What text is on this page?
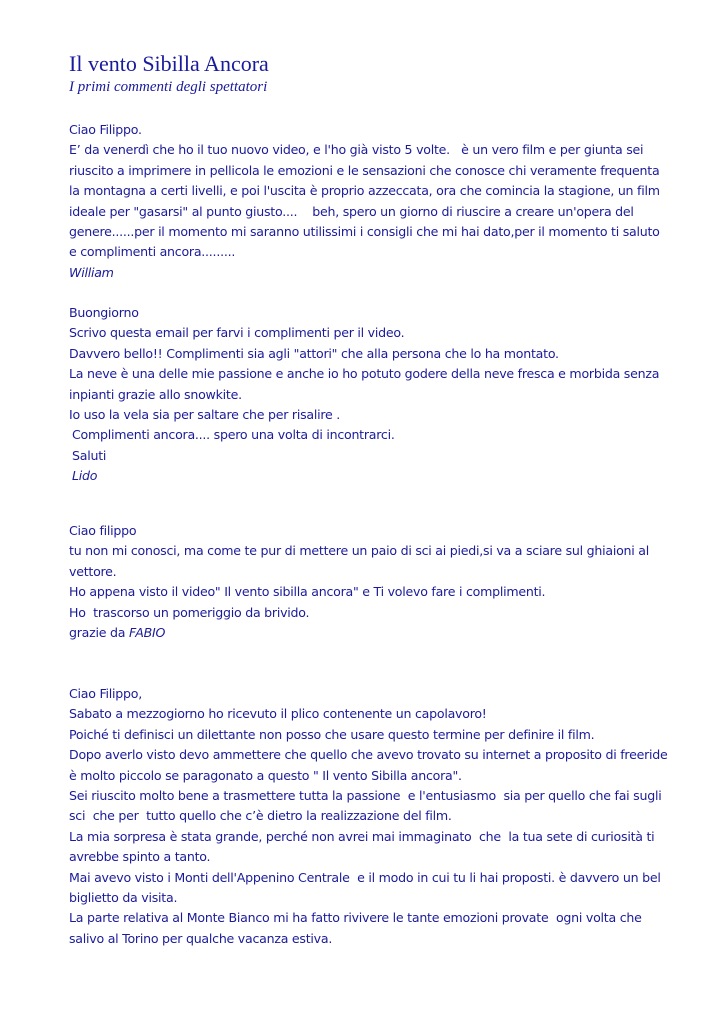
Il vento Sibilla Ancora
I primi commenti degli spettatori

Ciao Filippo.

E’ da venerdì che ho il tuo nuovo video, e l'ho già visto 5 volte.   è un vero film e per giunta sei

riuscito a imprimere in pellicola le emozioni e le sensazioni che conosce chi veramente frequenta

la montagna a certi livelli, e poi l'uscita è proprio azzeccata, ora che comincia la stagione, un film

ideale per "gasarsi" al punto giusto....    beh, spero un giorno di riuscire a creare un'opera del

genere......per il momento mi saranno utilissimi i consigli che mi hai dato,per il momento ti saluto

e complimenti ancora.........

William

Buongiorno

Scrivo questa email per farvi i complimenti per il video.

Davvero bello!! Complimenti sia agli "attori" che alla persona che lo ha montato.

La neve è una delle mie passione e anche io ho potuto godere della neve fresca e morbida senza

inpianti grazie allo snowkite.

Io uso la vela sia per saltare che per risalire .

Complimenti ancora.... spero una volta di incontrarci.

Saluti

Lido

Ciao filippo

tu non mi conosci, ma come te pur di mettere un paio di sci ai piedi,si va a sciare sul ghiaioni al

vettore.

Ho appena visto il video" Il vento sibilla ancora" e Ti volevo fare i complimenti.

Ho  trascorso un pomeriggio da brivido.

grazie da FABIO

Ciao Filippo,

Sabato a mezzogiorno ho ricevuto il plico contenente un capolavoro!

Poiché ti definisci un dilettante non posso che usare questo termine per definire il film.

Dopo averlo visto devo ammettere che quello che avevo trovato su internet a proposito di freeride

è molto piccolo se paragonato a questo " Il vento Sibilla ancora".

Sei riuscito molto bene a trasmettere tutta la passione  e l'entusiasmo  sia per quello che fai sugli

sci  che per  tutto quello che c’è dietro la realizzazione del film.

La mia sorpresa è stata grande, perché non avrei mai immaginato  che  la tua sete di curiosità ti

avrebbe spinto a tanto.

Mai avevo visto i Monti dell'Appenino Centrale  e il modo in cui tu li hai proposti. è davvero un bel

biglietto da visita.

La parte relativa al Monte Bianco mi ha fatto rivivere le tante emozioni provate  ogni volta che

salivo al Torino per qualche vacanza estiva.
